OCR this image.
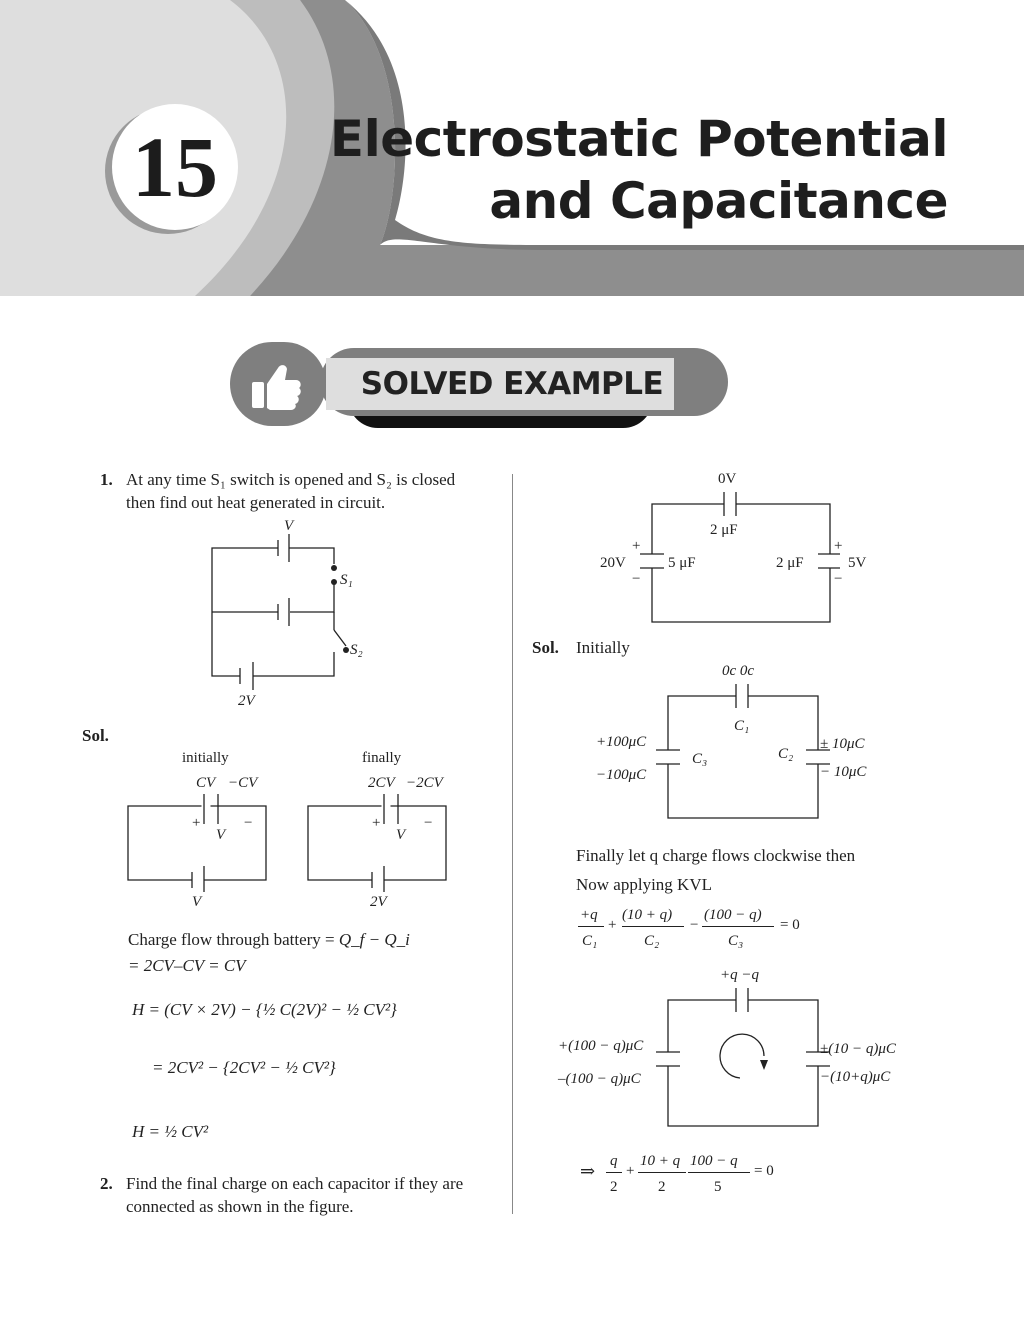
15	Electrostatic Potential
and Capacitance
SOLVED EXAMPLE
1. At any time S₁ switch is opened and S₂ is closed
then find out heat generated in circuit.
V
S₁
S₂
2V
Sol.
initially
CV −CV
+	−
V
V
finally
2CV −2CV
+	−
V
2V
Charge flow through battery = Q_f − Q_i
= 2CV–CV = CV
H = (CV × 2V) − {½ C(2V)² − ½ CV²}
= 2CV² − {2CV² − ½ CV²}
H = ½ CV²
2. Find the final charge on each capacitor if they are
connected as shown in the figure.
0V
2 μF
+
20V	5 μF
−
2 μF
+
5V
−
Sol. Initially
0c 0c
C₁
+100μC
C₃	C₂
± 10μC
−100μC	− 10μC
Finally let q charge flows clockwise then
Now applying KVL
+q
C₁
+
(10 + q)
C₂
−
(100 − q)
C₃
= 0
+q −q
+(100 − q)μC
–(100 − q)μC
±(10 − q)μC
−(10+q)μC
⇒ q
2
+
10 + q
2
100 − q
5
= 0
